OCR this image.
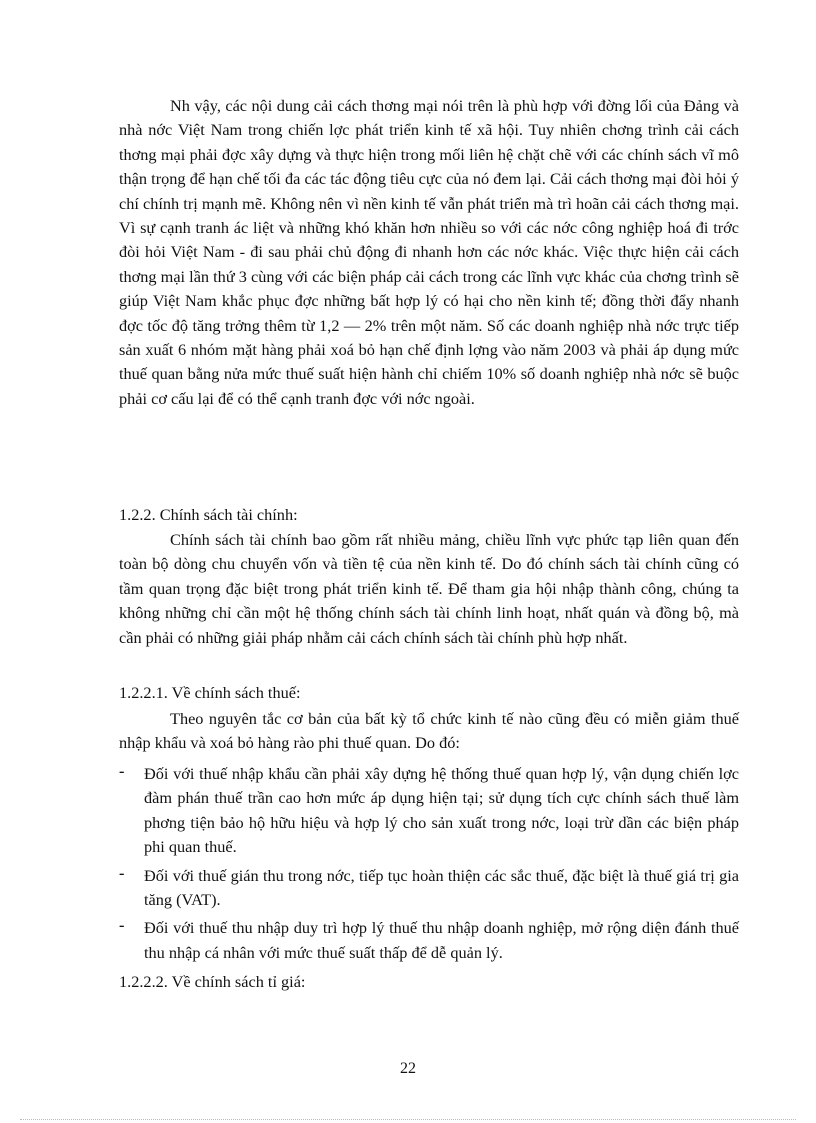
Nh vậy, các nội dung cải cách thơng mại nói trên là phù hợp với đờng lối của Đảng và nhà nớc Việt Nam trong chiến lợc phát triển kinh tế xã hội. Tuy nhiên chơng trình cải cách thơng mại phải đợc xây dựng và thực hiện trong mối liên hệ chặt chẽ với các chính sách vĩ mô thận trọng để hạn chế tối đa các tác động tiêu cực của nó đem lại. Cải cách thơng mại đòi hỏi ý chí chính trị mạnh mẽ. Không nên vì nền kinh tế vẫn phát triển mà trì hoãn cải cách thơng mại. Vì sự cạnh tranh ác liệt và những khó khăn hơn nhiều so với các nớc công nghiệp hoá đi trớc đòi hỏi Việt Nam - đi sau phải chủ động đi nhanh hơn các nớc khác. Việc thực hiện cải cách thơng mại lần thứ 3 cùng với các biện pháp cải cách trong các lĩnh vực khác của chơng trình sẽ giúp Việt Nam khắc phục đợc những bất hợp lý có hại cho nền kinh tế; đồng thời đẩy nhanh đợc tốc độ tăng trởng thêm từ 1,2 — 2% trên một năm. Số các doanh nghiệp nhà nớc trực tiếp sản xuất 6 nhóm mặt hàng phải xoá bỏ hạn chế định lợng vào năm 2003 và phải áp dụng mức thuế quan bằng nửa mức thuế suất hiện hành chỉ chiếm 10% số doanh nghiệp nhà nớc sẽ buộc phải cơ cấu lại để có thể cạnh tranh đợc với nớc ngoài.

1.2.2. Chính sách tài chính:

Chính sách tài chính bao gồm rất nhiều mảng, chiều lĩnh vực phức tạp liên quan đến toàn bộ dòng chu chuyển vốn và tiền tệ của nền kinh tế. Do đó chính sách tài chính cũng có tầm quan trọng đặc biệt trong phát triển kinh tế. Để tham gia hội nhập thành công, chúng ta không những chỉ cần một hệ thống chính sách tài chính linh hoạt, nhất quán và đồng bộ, mà cần phải có những giải pháp nhằm cải cách chính sách tài chính phù hợp nhất.

1.2.2.1. Về chính sách thuế:

Theo nguyên tắc cơ bản của bất kỳ tổ chức kinh tế nào cũng đều có miễn giảm thuế nhập khẩu và xoá bỏ hàng rào phi thuế quan. Do đó:

- Đối với thuế nhập khẩu cần phải xây dựng hệ thống thuế quan hợp lý, vận dụng chiến lợc đàm phán thuế trần cao hơn mức áp dụng hiện tại; sử dụng tích cực chính sách thuế làm phơng tiện bảo hộ hữu hiệu và hợp lý cho sản xuất trong nớc, loại trừ dần các biện pháp phi quan thuế.
- Đối với thuế gián thu trong nớc, tiếp tục hoàn thiện các sắc thuế, đặc biệt là thuế giá trị gia tăng (VAT).
- Đối với thuế thu nhập duy trì hợp lý thuế thu nhập doanh nghiệp, mở rộng diện đánh thuế thu nhập cá nhân với mức thuế suất thấp để dễ quản lý.
1.2.2.2. Về chính sách tỉ giá:
22
